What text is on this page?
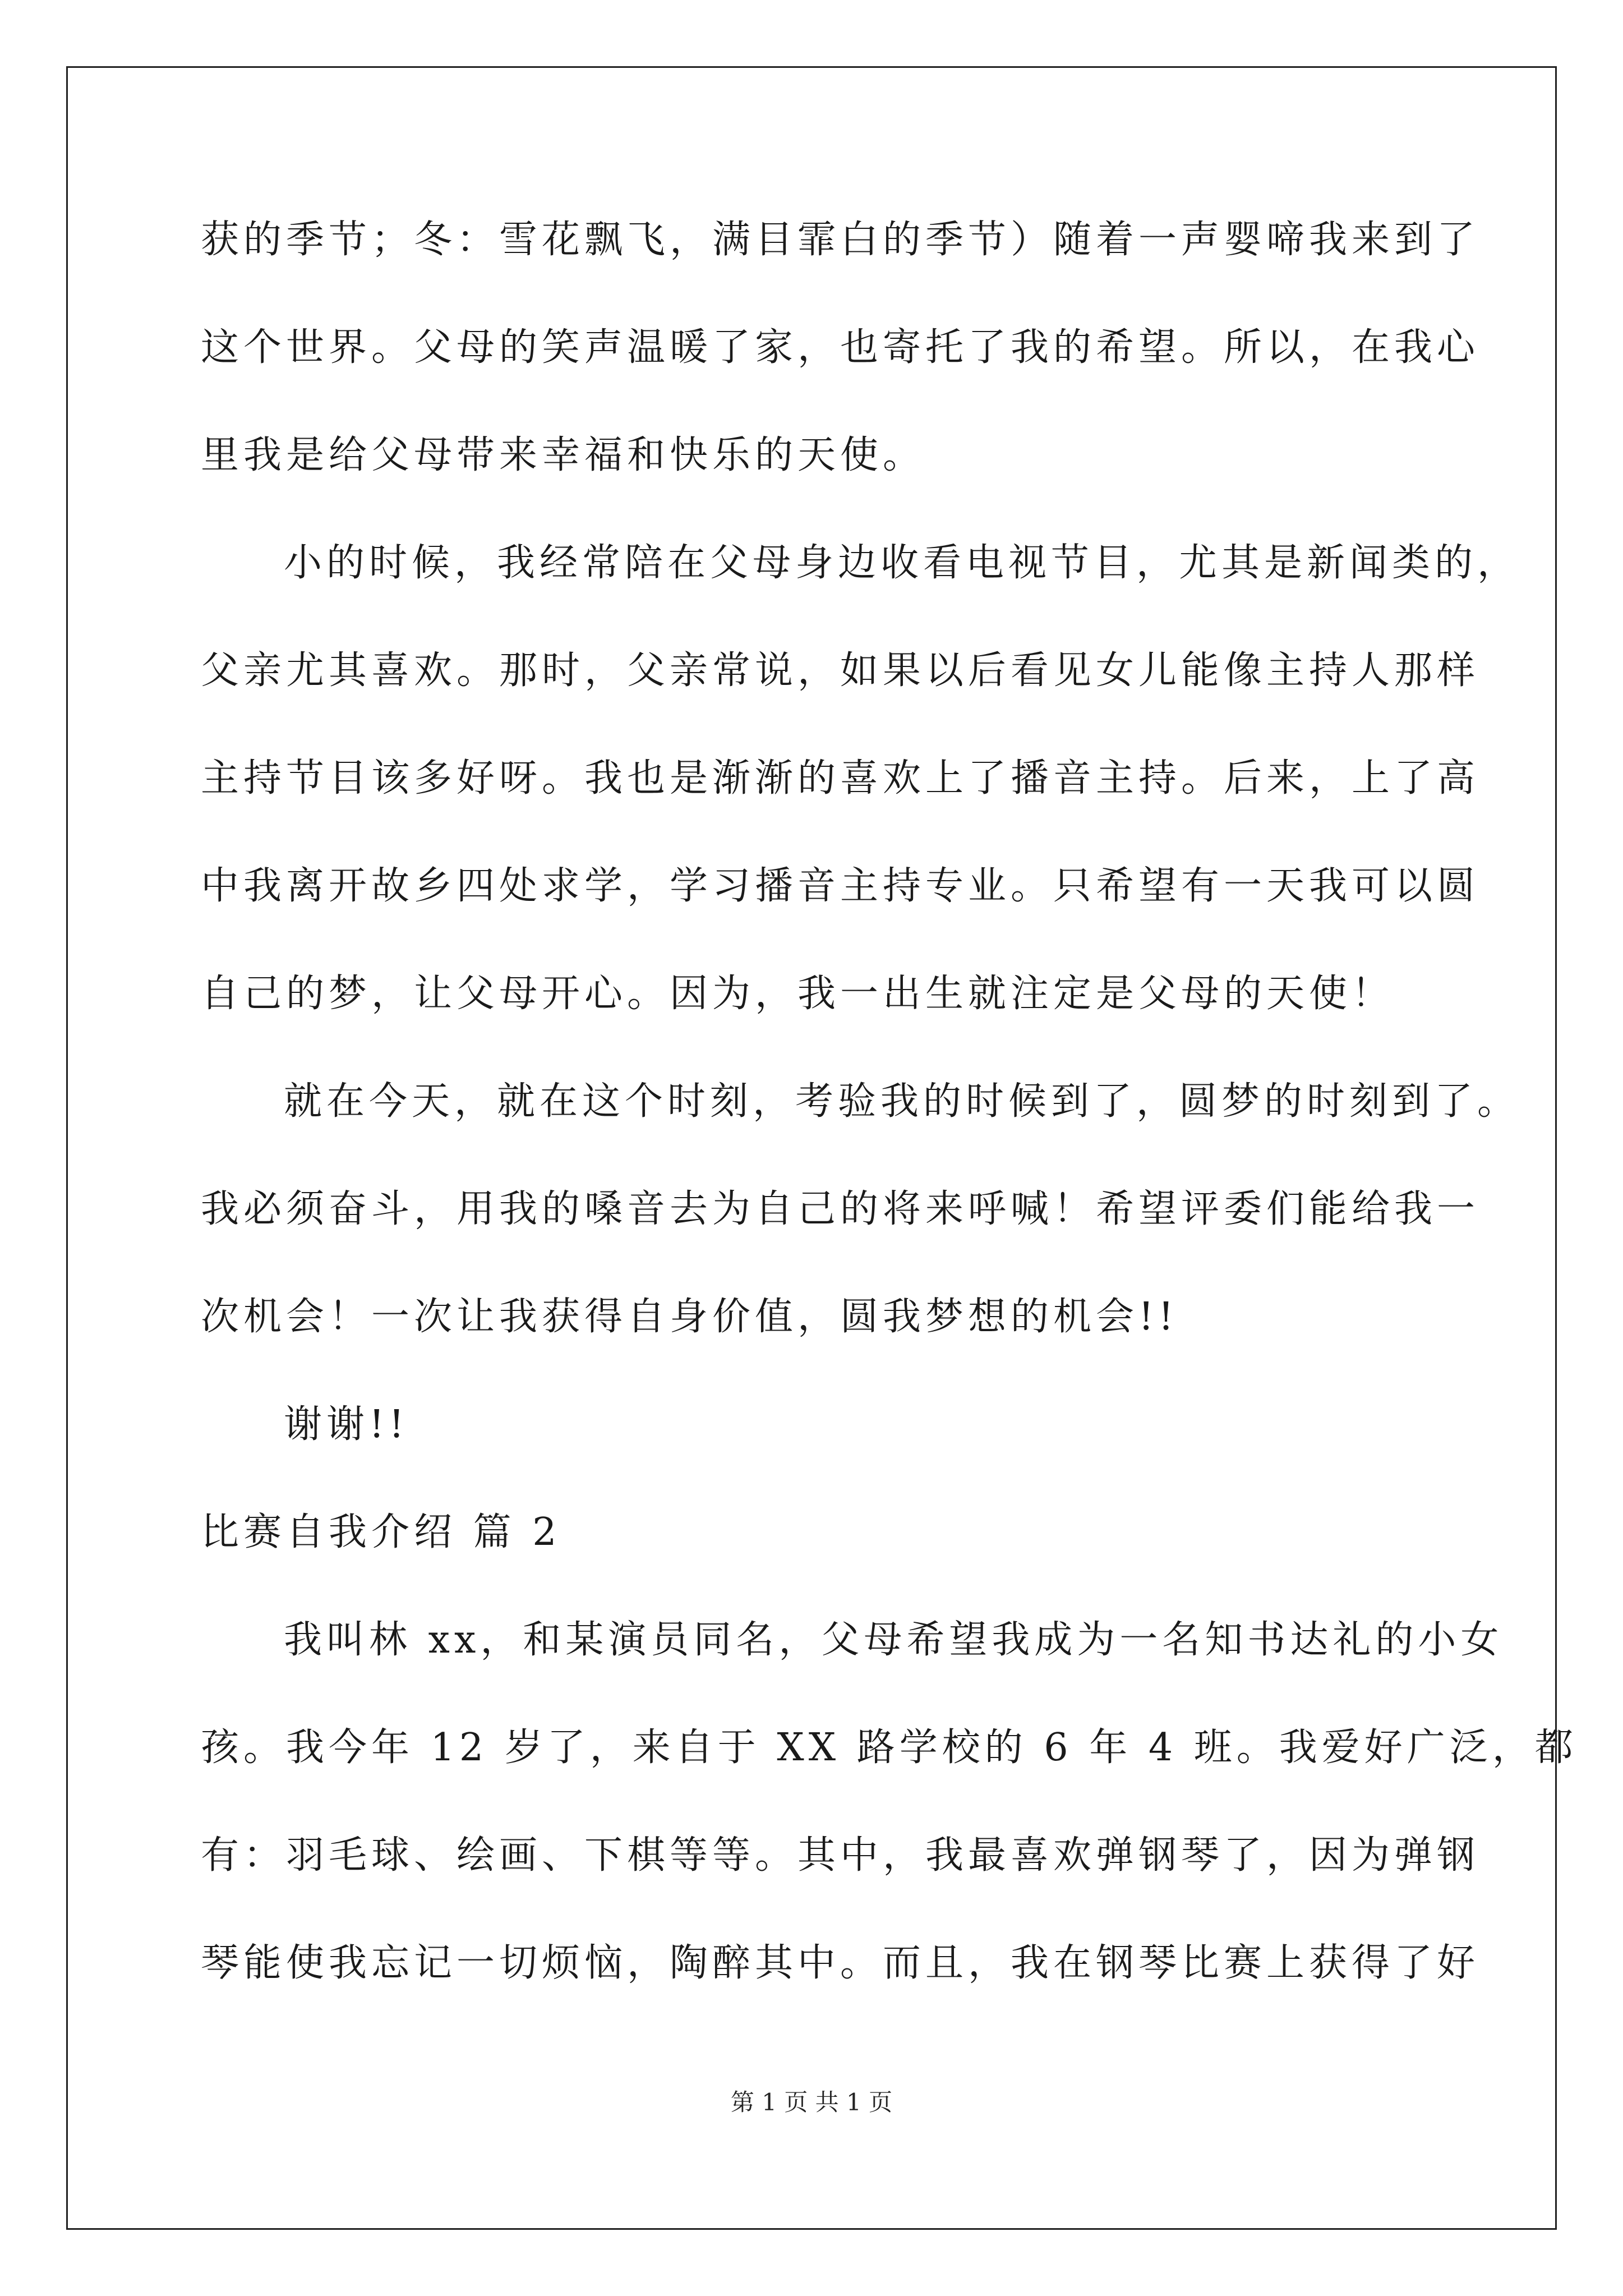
获的季节；冬：雪花飘飞，满目霏白的季节）随着一声婴啼我来到了
这个世界。父母的笑声温暖了家，也寄托了我的希望。所以，在我心
里我是给父母带来幸福和快乐的天使。
小的时候，我经常陪在父母身边收看电视节目，尤其是新闻类的，
父亲尤其喜欢。那时，父亲常说，如果以后看见女儿能像主持人那样
主持节目该多好呀。我也是渐渐的喜欢上了播音主持。后来，上了高
中我离开故乡四处求学，学习播音主持专业。只希望有一天我可以圆
自己的梦，让父母开心。因为，我一出生就注定是父母的天使！
就在今天，就在这个时刻，考验我的时候到了，圆梦的时刻到了。
我必须奋斗，用我的嗓音去为自己的将来呼喊！希望评委们能给我一
次机会！一次让我获得自身价值，圆我梦想的机会!!
谢谢!!
比赛自我介绍 篇 2
我叫林 xx，和某演员同名，父母希望我成为一名知书达礼的小女
孩。我今年 12 岁了，来自于 XX 路学校的 6 年 4 班。我爱好广泛，都
有：羽毛球、绘画、下棋等等。其中，我最喜欢弹钢琴了，因为弹钢
琴能使我忘记一切烦恼，陶醉其中。而且，我在钢琴比赛上获得了好
第 1 页 共 1 页
